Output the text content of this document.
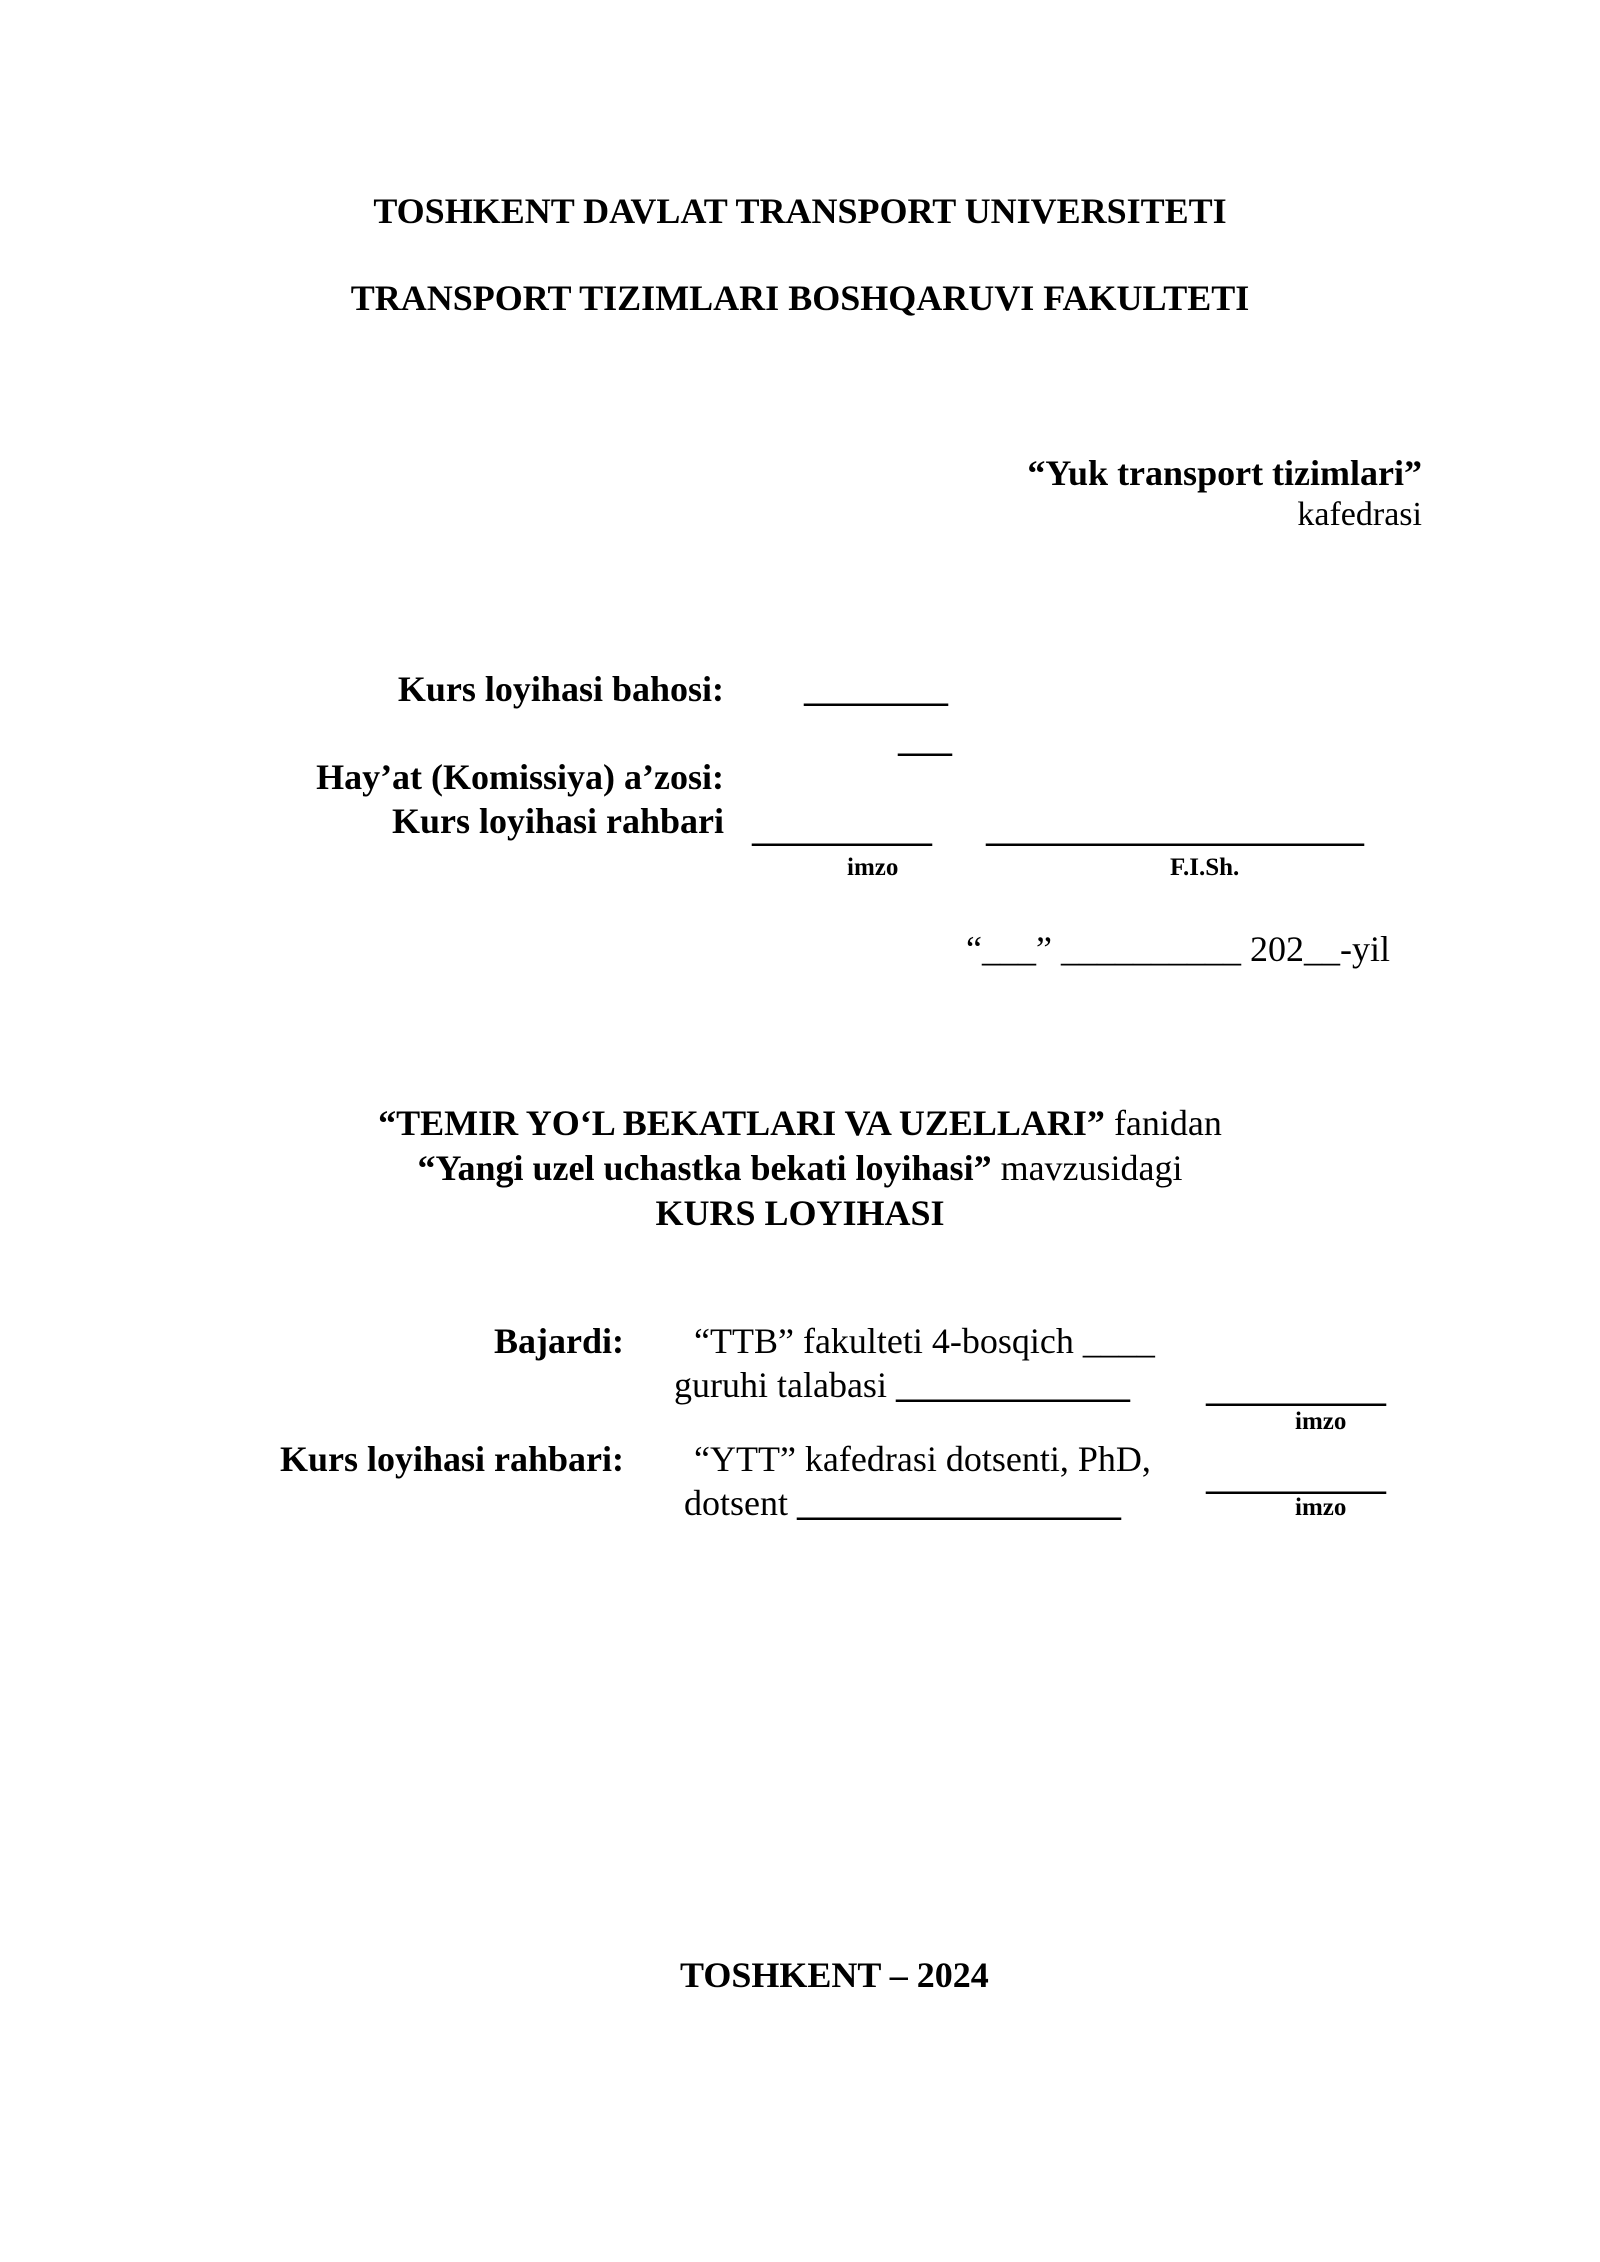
TOSHKENT DAVLAT TRANSPORT UNIVERSITETI
TRANSPORT TIZIMLARI BOSHQARUVI FAKULTETI
“Yuk transport tizimlari”
kafedrasi
Kurs loyihasi bahosi: ________
___
Hay’at (Komissiya) a’zosi:
Kurs loyihasi rahbari __________ _____________________
imzo	F.I.Sh.
“___” __________ 202__-yil
“TEMIR YO‘L BEKATLARI VA UZELLARI” fanidan
“Yangi uzel uchastka bekati loyihasi” mavzusidagi
KURS LOYIHASI
Bajardi: “TTB” fakulteti 4-bosqich ____
guruhi talabasi _____________ __________
imzo
Kurs loyihasi rahbari: “YTT” kafedrasi dotsenti, PhD,
dotsent __________________
__________
imzo
TOSHKENT – 2024
